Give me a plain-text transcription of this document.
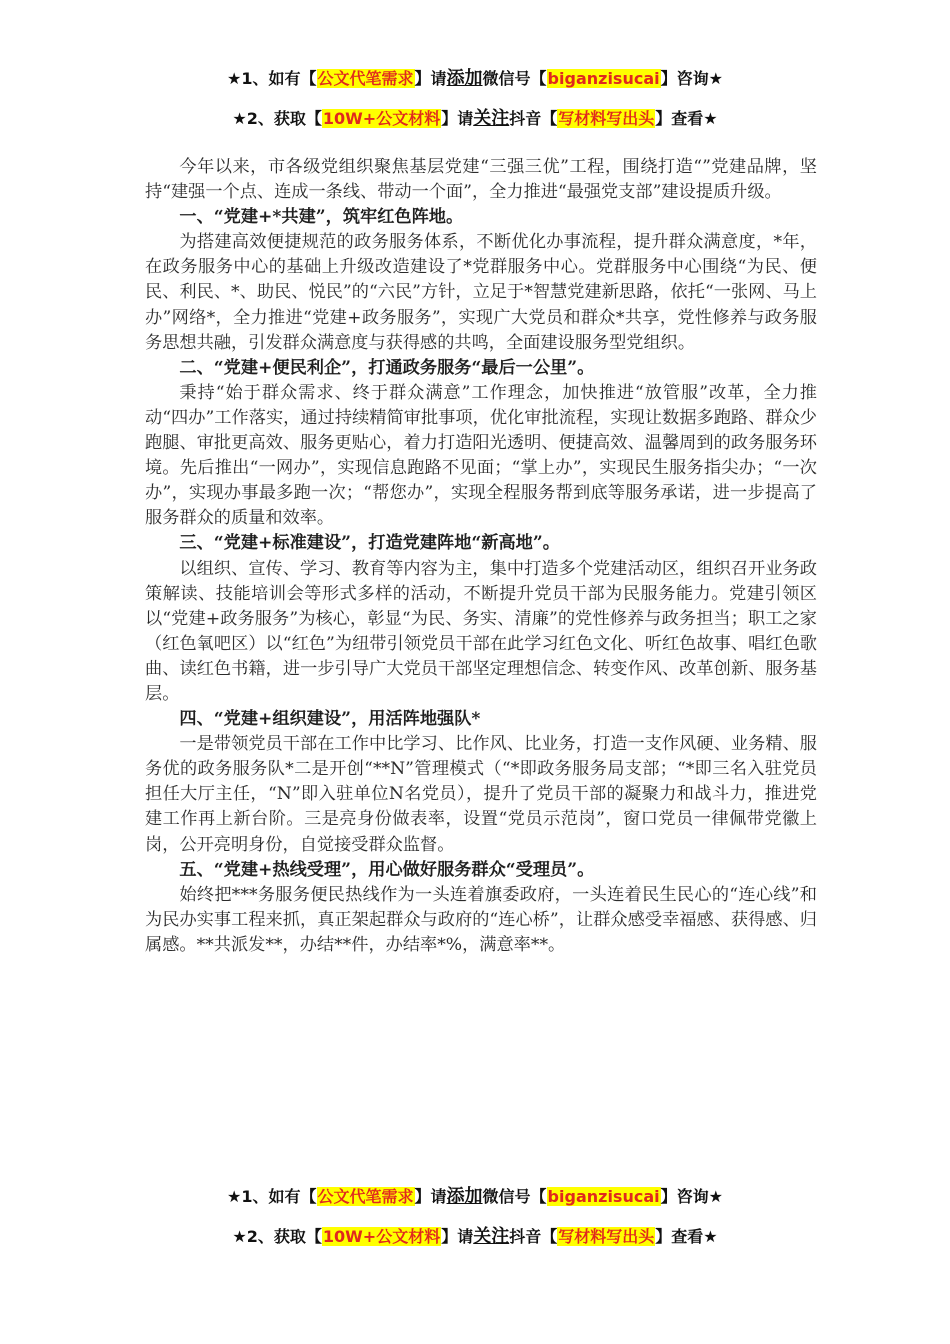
★1、如有【公文代笔需求】请添加微信号【biganzisucai】咨询★
★2、获取【10W+公文材料】请关注抖音【写材料写出头】查看★

今年以来，市各级党组织聚焦基层党建“三强三优”工程，围绕打造“”党建品牌，坚持“建强一个点、连成一条线、带动一个面”，全力推进“最强党支部”建设提质升级。

一、“党建+*共建”，筑牢红色阵地。

为搭建高效便捷规范的政务服务体系，不断优化办事流程，提升群众满意度，*年，在政务服务中心的基础上升级改造建设了*党群服务中心。党群服务中心围绕“为民、便民、利民、*、助民、悦民”的“六民”方针，立足于*智慧党建新思路，依托“一张网、马上办”网络*，全力推进“党建+政务服务”，实现广大党员和群众*共享，党性修养与政务服务思想共融，引发群众满意度与获得感的共鸣，全面建设服务型党组织。

二、“党建+便民利企”，打通政务服务“最后一公里”。

秉持“始于群众需求、终于群众满意”工作理念，加快推进“放管服”改革，全力推动“四办”工作落实，通过持续精简审批事项，优化审批流程，实现让数据多跑路、群众少跑腿、审批更高效、服务更贴心，着力打造阳光透明、便捷高效、温馨周到的政务服务环境。先后推出“一网办”，实现信息跑路不见面；“掌上办”，实现民生服务指尖办；“一次办”，实现办事最多跑一次；“帮您办”，实现全程服务帮到底等服务承诺，进一步提高了服务群众的质量和效率。

三、“党建+标准建设”，打造党建阵地“新高地”。

以组织、宣传、学习、教育等内容为主，集中打造多个党建活动区，组织召开业务政策解读、技能培训会等形式多样的活动，不断提升党员干部为民服务能力。党建引领区以“党建+政务服务”为核心，彰显“为民、务实、清廉”的党性修养与政务担当；职工之家（红色氧吧区）以“红色”为纽带引领党员干部在此学习红色文化、听红色故事、唱红色歌曲、读红色书籍，进一步引导广大党员干部坚定理想信念、转变作风、改革创新、服务基层。

四、“党建+组织建设”，用活阵地强队*

一是带领党员干部在工作中比学习、比作风、比业务，打造一支作风硬、业务精、服务优的政务服务队*二是开创“**N”管理模式（“*即政务服务局支部；“*即三名入驻党员担任大厅主任，“N”即入驻单位N名党员），提升了党员干部的凝聚力和战斗力，推进党建工作再上新台阶。三是亮身份做表率，设置“党员示范岗”，窗口党员一律佩带党徽上岗，公开亮明身份，自觉接受群众监督。

五、“党建+热线受理”，用心做好服务群众“受理员”。

始终把***务服务便民热线作为一头连着旗委政府，一头连着民生民心的“连心线”和为民办实事工程来抓，真正架起群众与政府的“连心桥”，让群众感受幸福感、获得感、归属感。**共派发**，办结**件，办结率*%，满意率**。

★1、如有【公文代笔需求】请添加微信号【biganzisucai】咨询★
★2、获取【10W+公文材料】请关注抖音【写材料写出头】查看★
